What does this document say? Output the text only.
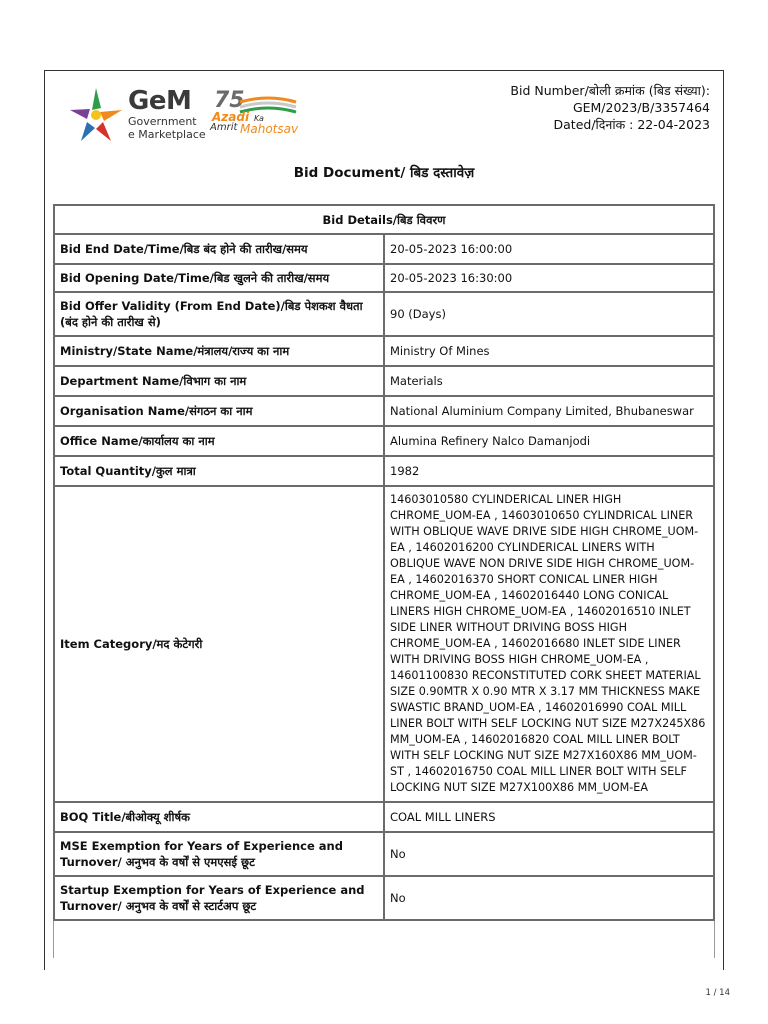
GeM
Government
e Marketplace
75
Azadi Ka
Amrit Mahotsav
Bid Number/बोली क्रमांक (बिड संख्या):
GEM/2023/B/3357464
Dated/दिनांक : 22-04-2023
Bid Document/ बिड दस्तावेज़
Bid Details/बिड विवरण	
Bid End Date/Time/बिड बंद होने की तारीख/समय	20-05-2023 16:00:00
Bid Opening Date/Time/बिड खुलने की तारीख/समय	20-05-2023 16:30:00
Bid Offer Validity (From End Date)/बिड पेशकश वैधता (बंद होने की तारीख से)	90 (Days)
Ministry/State Name/मंत्रालय/राज्य का नाम	Ministry Of Mines
Department Name/विभाग का नाम	Materials
Organisation Name/संगठन का नाम	National Aluminium Company Limited, Bhubaneswar
Office Name/कार्यालय का नाम	Alumina Refinery Nalco Damanjodi
Total Quantity/कुल मात्रा	1982
Item Category/मद केटेगरी	14603010580 CYLINDERICAL LINER HIGH CHROME_UOM-EA , 14603010650 CYLINDRICAL LINER WITH OBLIQUE WAVE DRIVE SIDE HIGH CHROME_UOM-EA , 14602016200 CYLINDERICAL LINERS WITH OBLIQUE WAVE NON DRIVE SIDE HIGH CHROME_UOM-EA , 14602016370 SHORT CONICAL LINER HIGH CHROME_UOM-EA , 14602016440 LONG CONICAL LINERS HIGH CHROME_UOM-EA , 14602016510 INLET SIDE LINER WITHOUT DRIVING BOSS HIGH CHROME_UOM-EA , 14602016680 INLET SIDE LINER WITH DRIVING BOSS HIGH CHROME_UOM-EA , 14601100830 RECONSTITUTED CORK SHEET MATERIAL SIZE 0.90MTR X 0.90 MTR X 3.17 MM THICKNESS MAKE SWASTIC BRAND_UOM-EA , 14602016990 COAL MILL LINER BOLT WITH SELF LOCKING NUT SIZE M27X245X86 MM_UOM-EA , 14602016820 COAL MILL LINER BOLT WITH SELF LOCKING NUT SIZE M27X160X86 MM_UOM-ST , 14602016750 COAL MILL LINER BOLT WITH SELF LOCKING NUT SIZE M27X100X86 MM_UOM-EA
BOQ Title/बीओक्यू शीर्षक	COAL MILL LINERS
MSE Exemption for Years of Experience and Turnover/ अनुभव के वर्षों से एमएसई छूट	No
Startup Exemption for Years of Experience and Turnover/ अनुभव के वर्षों से स्टार्टअप छूट	No
1 / 14
